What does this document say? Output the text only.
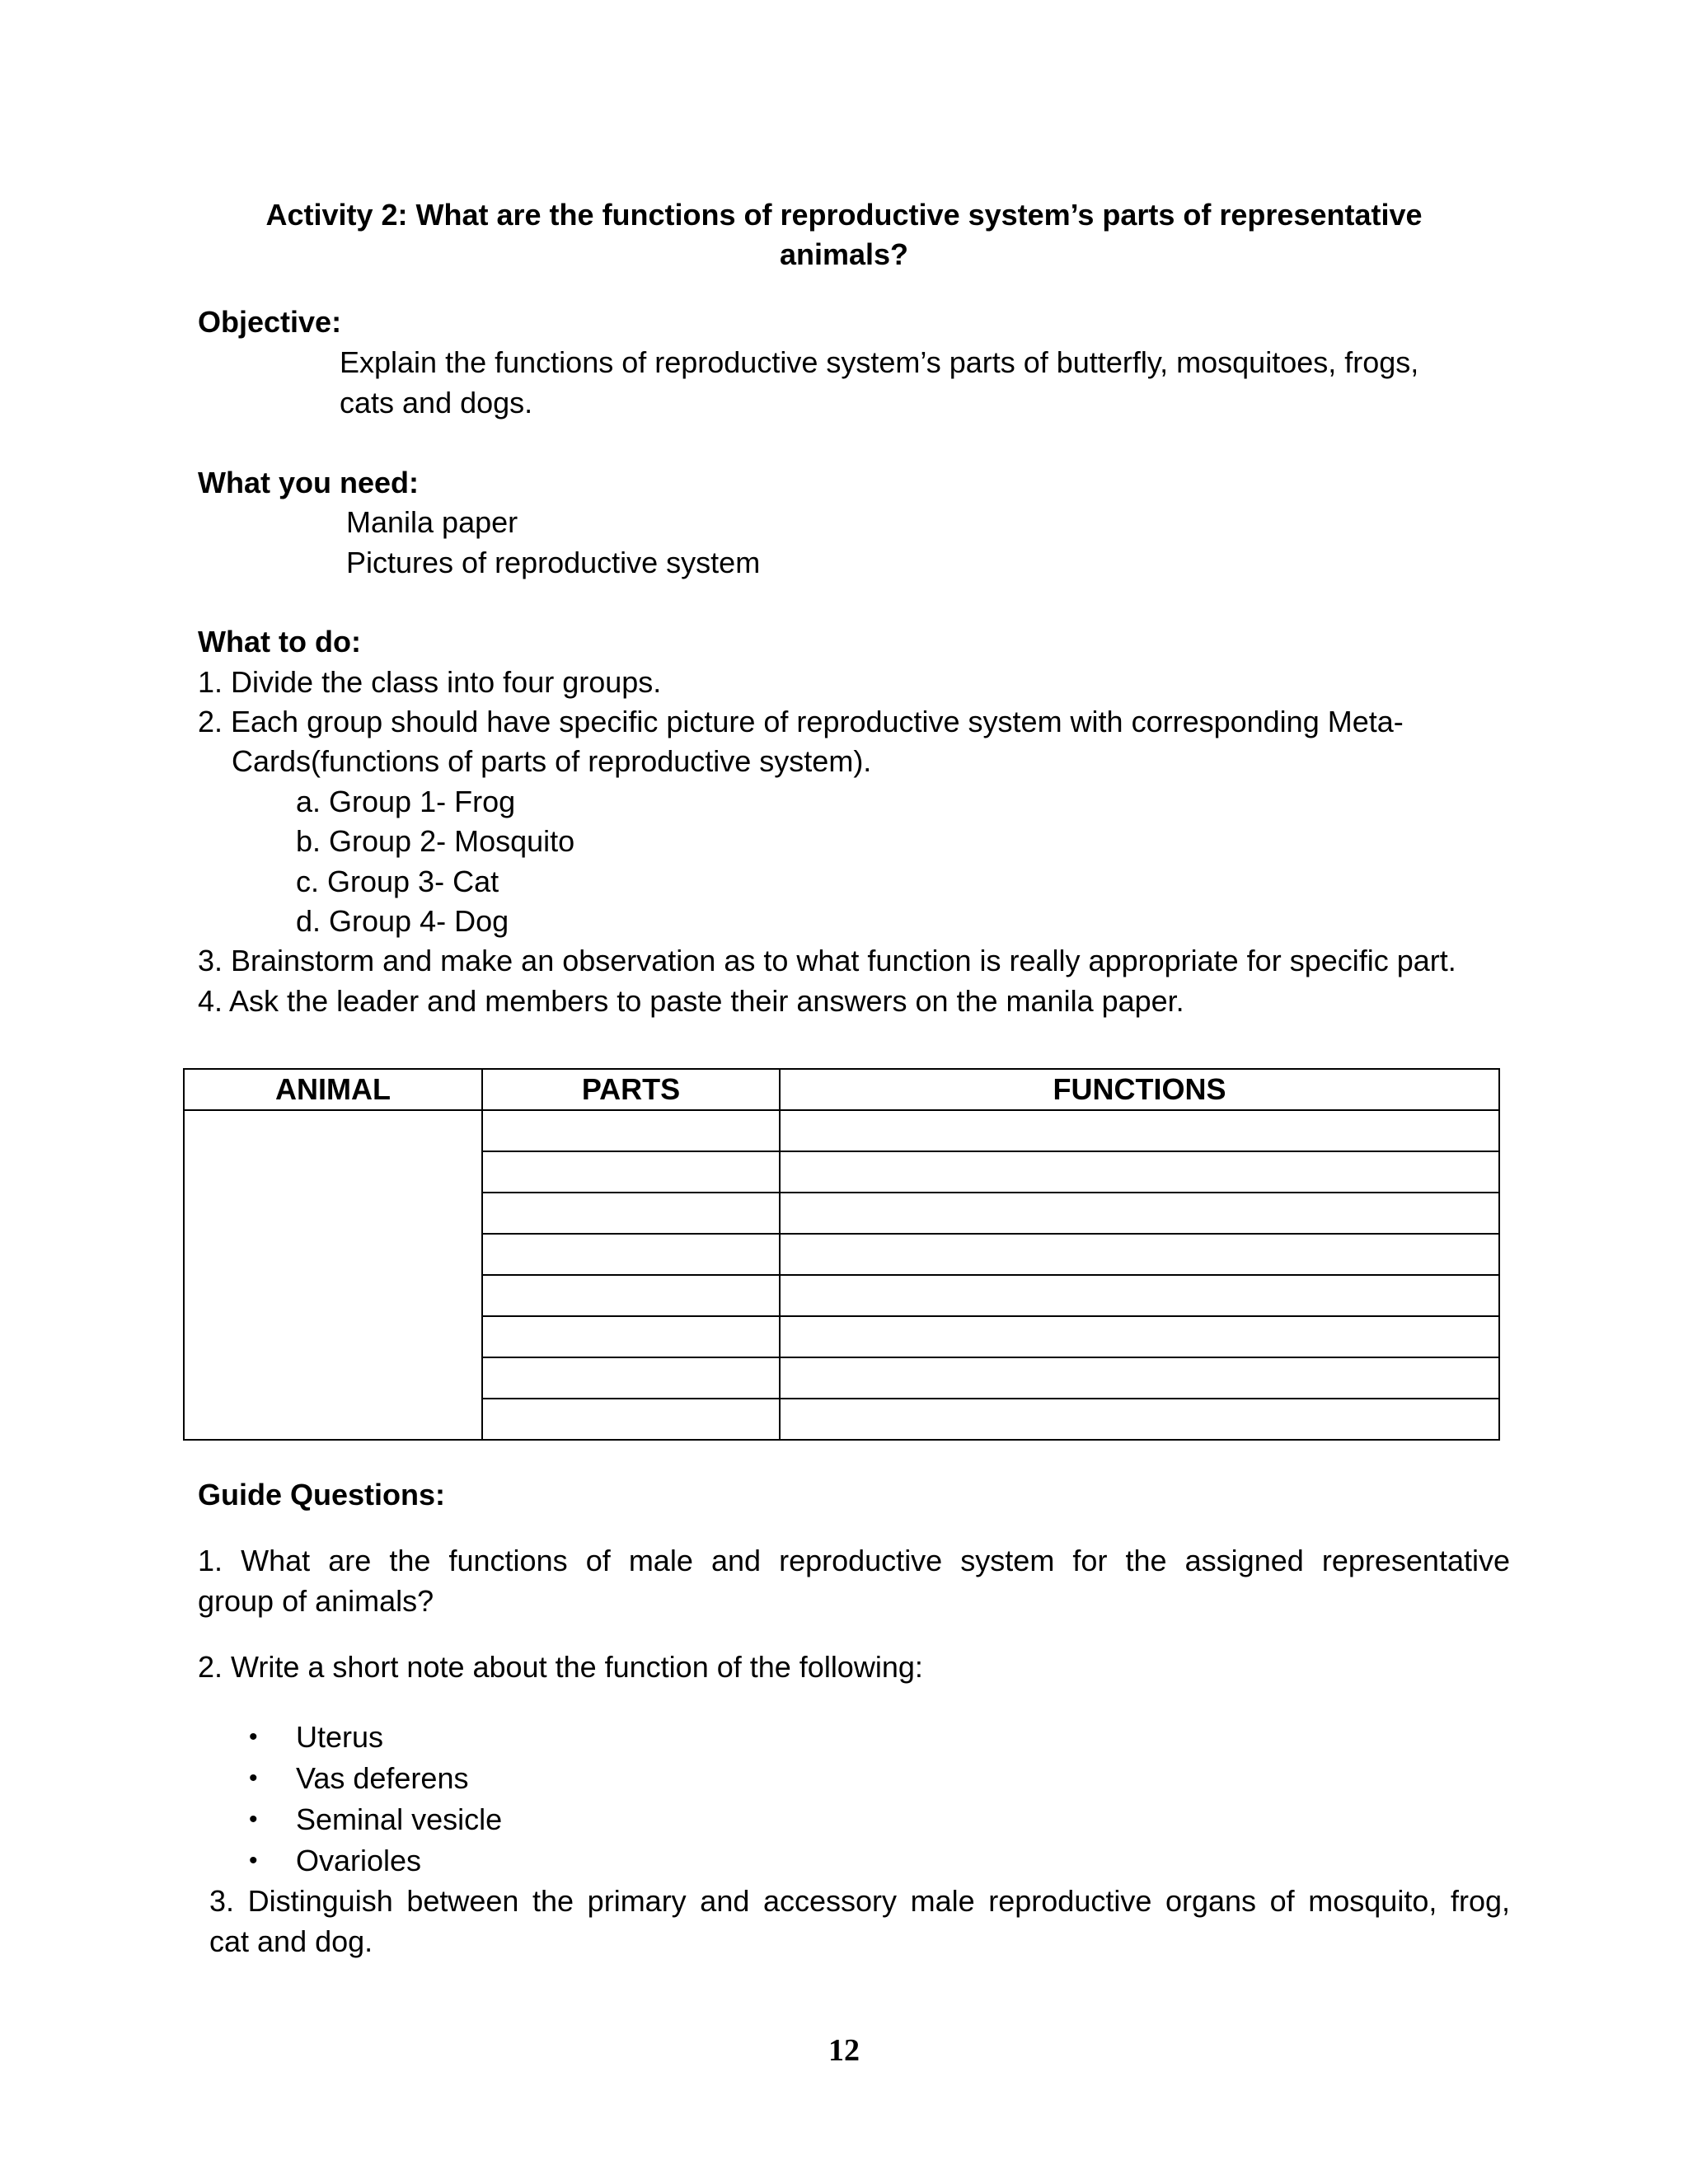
Activity 2: What are the functions of reproductive system’s parts of representative
animals?
Objective:
Explain the functions of reproductive system’s parts of butterfly, mosquitoes, frogs,
cats and dogs.
What you need:
Manila paper
Pictures of reproductive system
What to do:
1. Divide the class into four groups.
2. Each group should have specific picture of reproductive system with corresponding Meta-
Cards(functions of parts of reproductive system).
a. Group 1- Frog
b. Group 2- Mosquito
c. Group 3- Cat
d. Group 4- Dog
3. Brainstorm and make an observation as to what function is really appropriate for specific part.
4. Ask the leader and members to paste their answers on the manila paper.
ANIMAL	PARTS	FUNCTIONS

Guide Questions:
1. What are the functions of male and reproductive system for the assigned representative
group of animals?
2. Write a short note about the function of the following:
• Uterus
• Vas deferens
• Seminal vesicle
• Ovarioles
3. Distinguish between the primary and accessory male reproductive organs of mosquito, frog,
cat and dog.
12
